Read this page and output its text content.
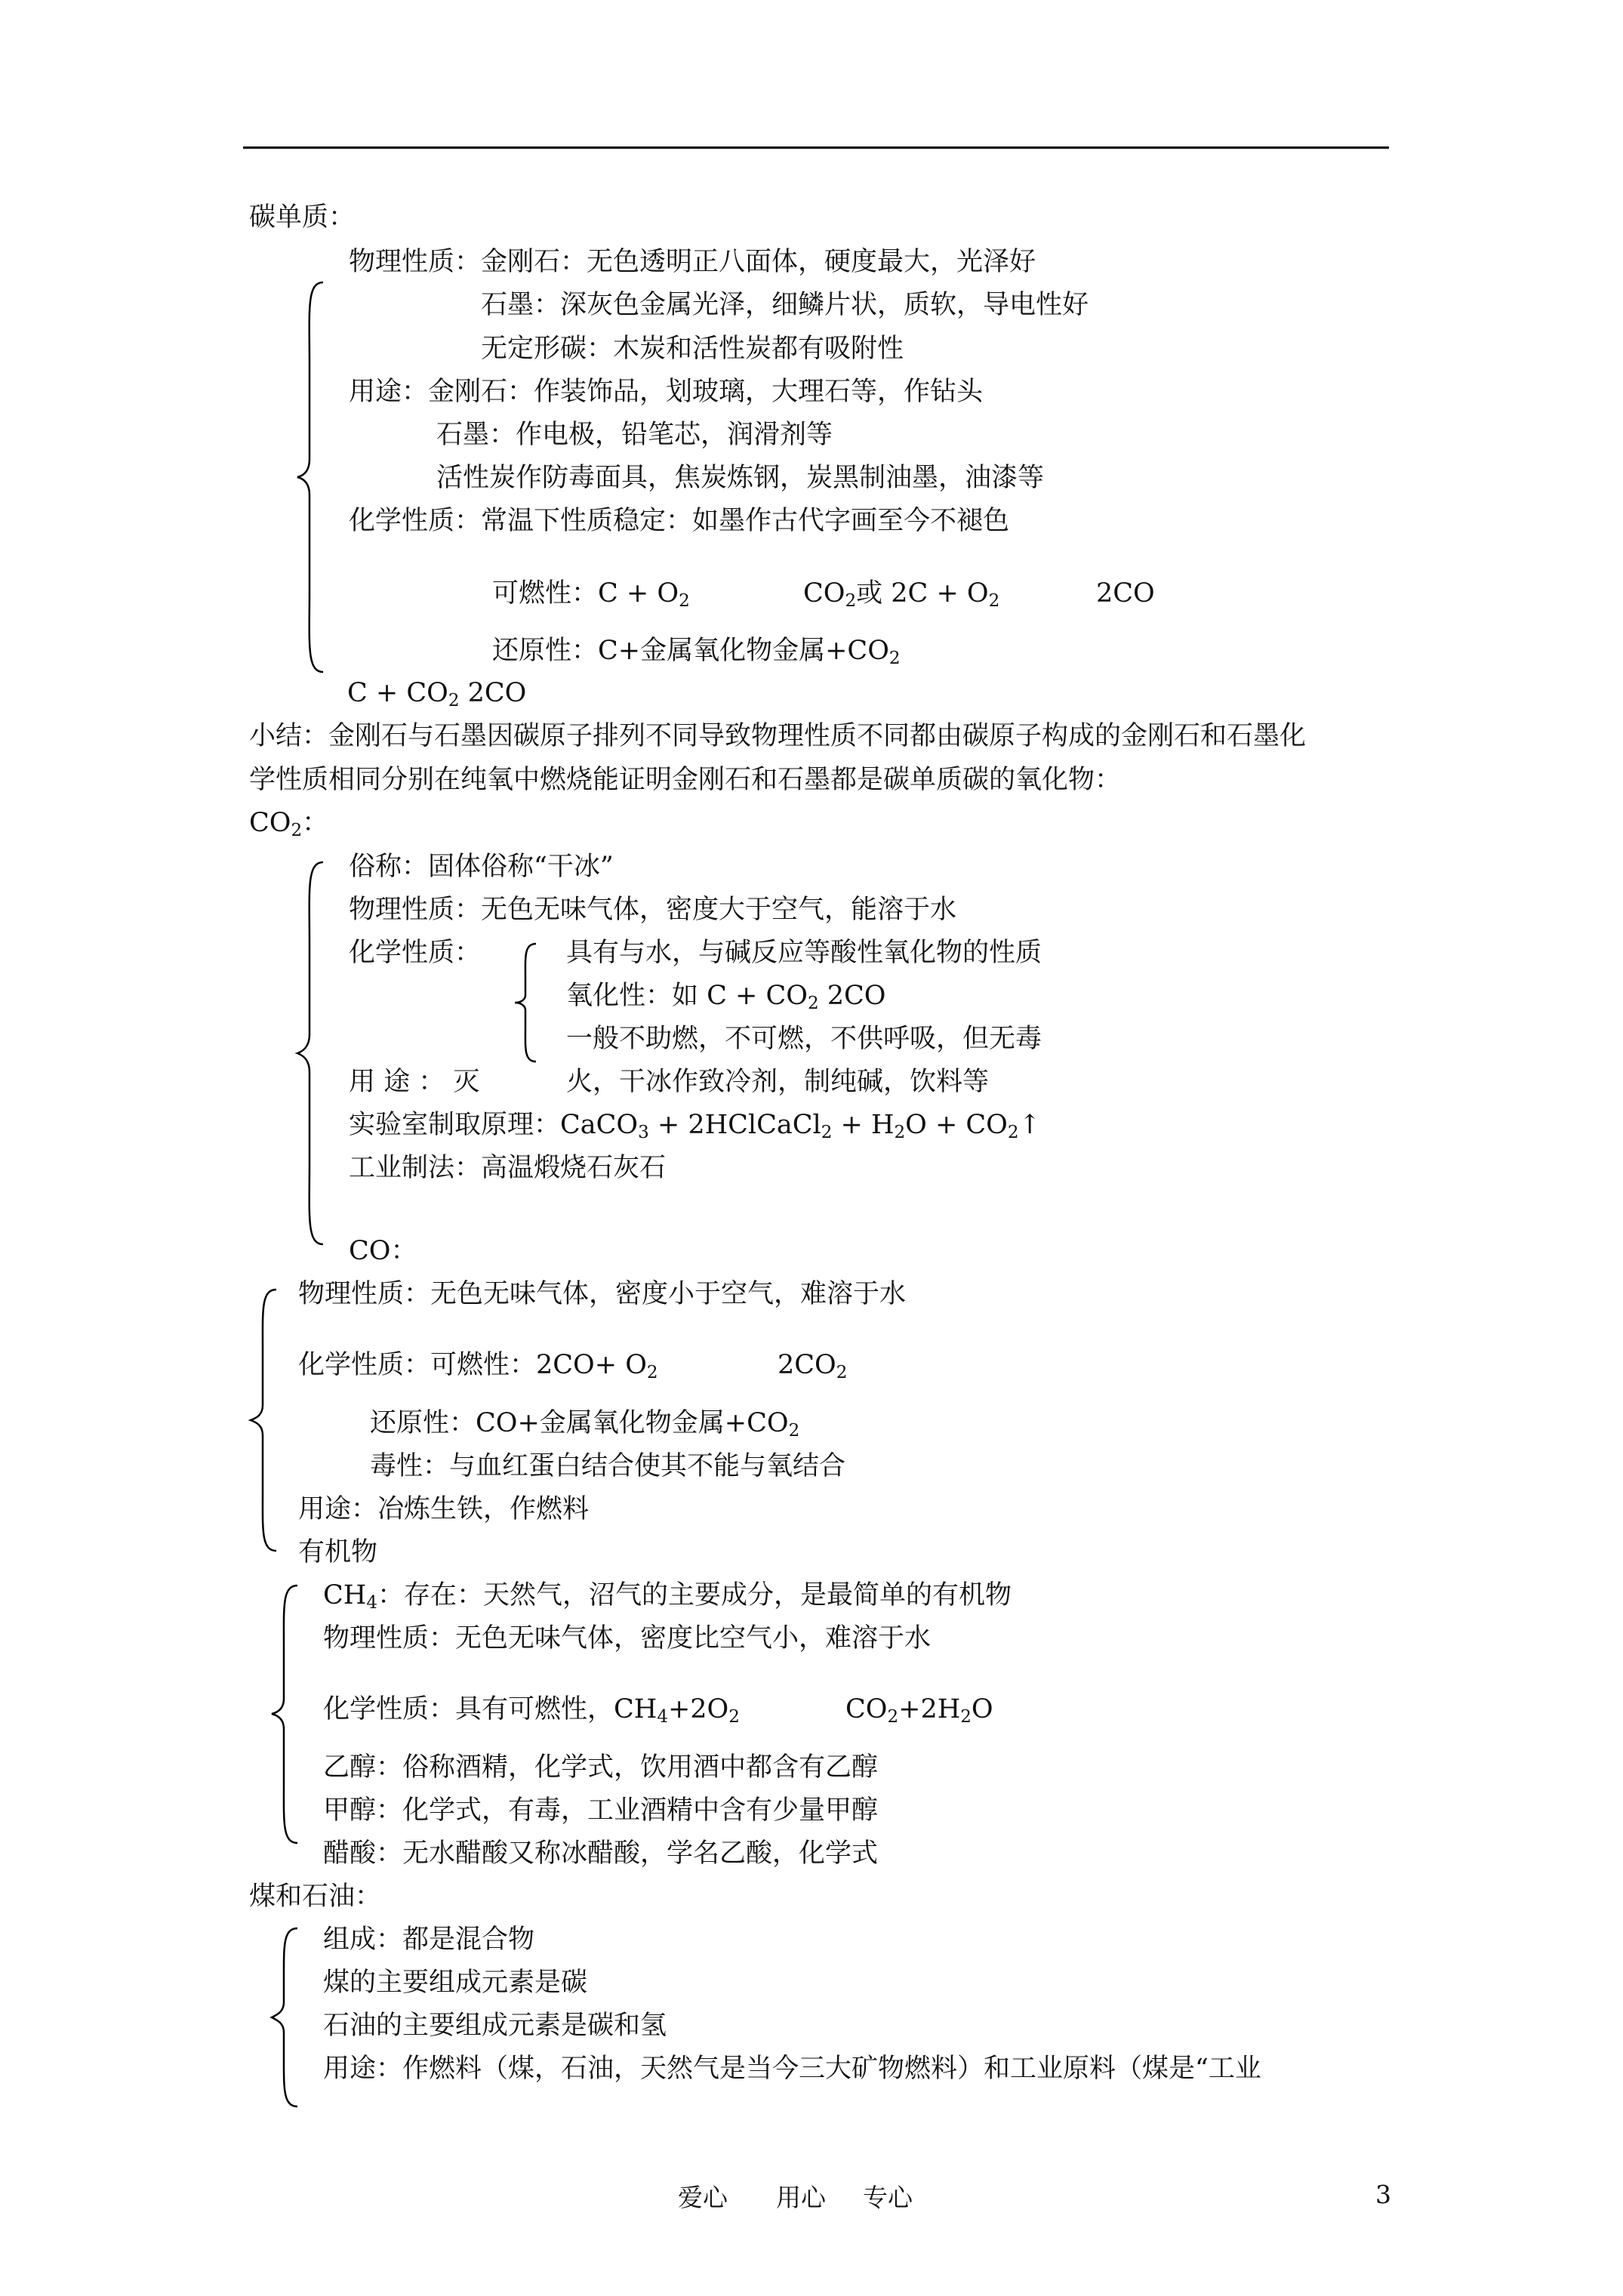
碳单质：
物理性质：金刚石：无色透明正八面体，硬度最大，光泽好
石墨：深灰色金属光泽，细鳞片状，质软，导电性好
无定形碳：木炭和活性炭都有吸附性
用途：金刚石：作装饰品，划玻璃，大理石等，作钻头
石墨：作电极，铅笔芯，润滑剂等
活性炭作防毒面具，焦炭炼钢，炭黑制油墨，油漆等
化学性质：常温下性质稳定：如墨作古代字画至今不褪色
可燃性：$C + O_2$	$CO_2$或 $2C + O_2$	2CO
还原性：C+金属氧化物金属$+CO_2$
$C + CO_2$ 2CO
小结：金刚石与石墨因碳原子排列不同导致物理性质不同都由碳原子构成的金刚石和石墨化
学性质相同分别在纯氧中燃烧能证明金刚石和石墨都是碳单质碳的氧化物：
$CO_2$：
俗称：固体俗称“干冰”
物理性质：无色无味气体，密度大于空气，能溶于水
化学性质：	具有与水，与碱反应等酸性氧化物的性质
氧化性：如 $C + CO_2$ 2CO
一般不助燃，不可燃，不供呼吸，但无毒
用 途 ： 灭	火，干冰作致冷剂，制纯碱，饮料等
实验室制取原理：CaCO$_3$ + 2HClCaCl$_2$ + $H_2O$ + $CO_2↑$
工业制法：高温煅烧石灰石
CO：
物理性质：无色无味气体，密度小于空气，难溶于水
化学性质：可燃性：$2CO+ O_2$	$2CO_2$
还原性：CO+金属氧化物金属$+CO_2$
毒性：与血红蛋白结合使其不能与氧结合
用途：冶炼生铁，作燃料
有机物
$CH_4$：存在：天然气，沼气的主要成分，是最简单的有机物
物理性质：无色无味气体，密度比空气小，难溶于水
化学性质：具有可燃性，$CH_4+2O_2$	$CO_2+2H_2O$
乙醇：俗称酒精，化学式，饮用酒中都含有乙醇
甲醇：化学式，有毒，工业酒精中含有少量甲醇
醋酸：无水醋酸又称冰醋酸，学名乙酸，化学式
煤和石油：
组成：都是混合物
煤的主要组成元素是碳
石油的主要组成元素是碳和氢
用途：作燃料（煤，石油，天然气是当今三大矿物燃料）和工业原料（煤是“工业
爱心 用心 专心	3
